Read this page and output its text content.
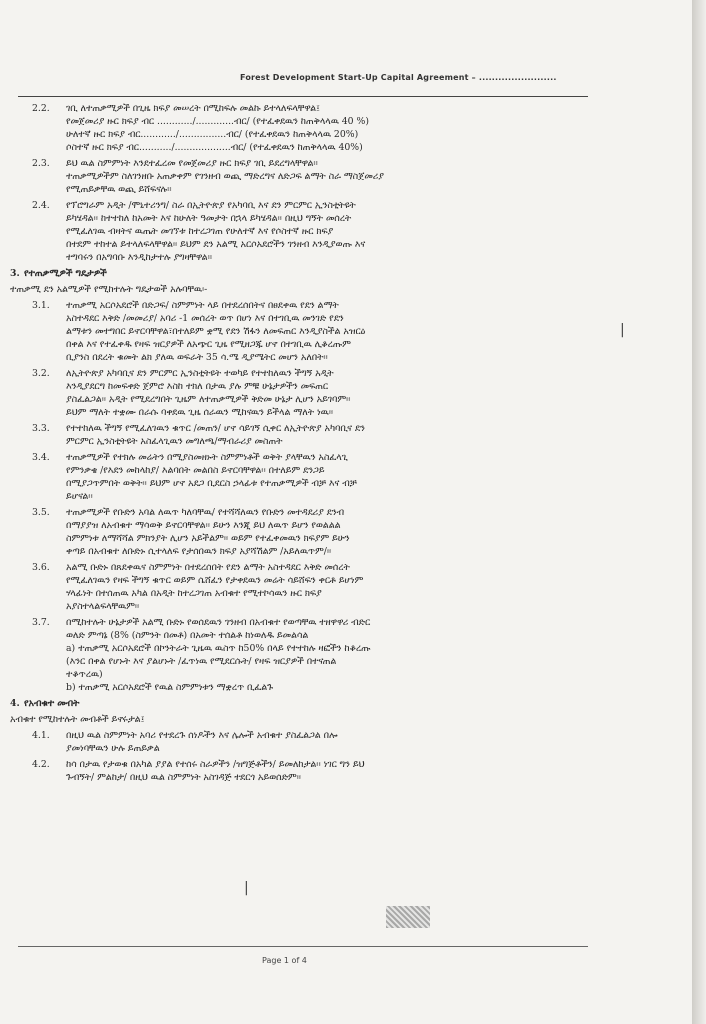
Forest Development Start-Up Capital Agreement – ........................
2.2.	ገቢ ለተጠቃሚዎች በጊዜ ክፍያ መሠረት በሚከፍሉ መልኩ ይተላለፍላቸዋል፤
የመጀመሪያ ዙር ክፍያ ብር ............/.............ብር/ (የተፈቀደዉን ከጠቅላላዉ 40 %)
ሁለተኛ ዙር ክፍያ ብር............/................ብር/ (የተፈቀደዉን ከጠቅላላዉ 20%)
ሶስተኛ ዙር ክፍያ ብር.........../...................ብር/ (የተፈቀደዉን ከጠቅላላዉ 40%)
2.3.	ይህ ዉል ስምምነት እንደተፈረመ የመጀመሪያ ዙር ክፍያ ገቢ ይደረግላቸዋል።
ተጠቃሚዎችም ስለገንዘቡ አጠቃቀም የገንዘብ ወጪ ማድረግና ለድጋፍ ልማት ስራ ማስጀመሪያ
የሚጠይቃቸዉ ወጪ ይሸፍናሉ።
2.4.	የፕሮግራም አዲት /ሞኒተሪንግ/ ስራ በኢትዮጵያ የአካባቢ እና ደን ምርምር ኢንስቲትዩት
ይካሄዳል፡፡ ከተተከለ ከአመት እና ከሁለት ዓመታት በኋላ ይካሄዳል፡፡ በዚህ ግኝት መሰረት
የሚፈለገዉ ብዛትና ዉጤት መገኘቱ ከተረጋገጠ የሁለተኛ እና የሶስተኛ ዙር ክፍያ
በተደም ተከተል ይተላለፍላቸዋል፡፡ ይህም ደን አልሚ አርሶአደሮችን ገንዘብ እንዲያወጡ እና
ተግባሩን በአግባቡ እንዲከታተሉ ያግዛቸዋል።
3. የተጠቃሚዎች ግዴታዎች
ተጠቃሚ ደን አልሚዎች የሚከተሉት ግዴታወች አሉባቸዉ፡-
3.1.	ተጠቃሚ አርሶአደሮች በድጋፍ/ ስምምነት ላይ በተደረሰበትና በፀደቀዉ የደን ልማት
አስተዳደር እቅድ /መመሪያ/ አባሪ -1 መሰረት ወጥ በሆነ እና በተገቢዉ መንገድ የደን
ልማቱን መተግበር ይኖርባቸዋል፣በተለይም ቋሚ የደን ሽፋን ለመፍጠር እንዲያስችል አዝርዕ
በቀል እና የተፈቀዱ የዛፍ ዝርያዎች ለአጭር ጊዜ የሚዘጋጁ ሆኖ በተገቢዉ ሊቆረጡም
ቢያንስ በደረት ቁመት ልክ ያለዉ ወፍራት 35 ሳ.ሜ ዲያሜትር መሆን አለበት፡፡
3.2.	ለኢትዮጵያ አካባቢና ደን ምርምር ኢንስቲትዩት ተወካይ የተተከለዉን ችግኝ አዲት
እንዲያደርግ ከመፍቀድ ጀምሮ እስከ ተክለ በታዉ ያሉ ምቹ ሁኔታዎችን መፍጠር
ያስፈልጋል፡፡ አዲት የሚደረግበት ጊዜም ለተጠቃሚዎች ቅድመ ሁኔታ ሊሆን አይገባም፡፡
ይህም ማለት ተቋሙ በራሱ ባቀደዉ ጊዜ ሰራዉን ሚከናዉን ይችላል ማለት ነዉ፡፡
3.3.	የተተከለዉ ችግኝ የሚፈለገዉን ቁጥር /መጠን/ ሆኖ ሳይገኝ ሲቀር ለኢትዮጵያ አካባቢና ደን
ምርምር ኢንስቲትዩት አስፈላጊዉን መግለጫ/ማብራሪያ መስጠት
3.4.	ተጠቃሚዎች የተክሉ መሬትን በሚያስመዘኑት ስምምነቶች ወቅት ያላቸዉን አስፈላጊ
የምንቃቄ /የእደን መከላከያ/ እልባበት መልበስ ይኖርባቸዋል፡፡ በተለይም ደንጋይ
በሚያጋጥምበት ወቅት፡፡ ይህም ሆኖ አደጋ ቢደርስ ኃላፊቱ የተጠቃሚዎች ብቻ እና ብቻ
ይሆናል፡፡
3.5.	ተጠቃሚዎች የቡድን አባል ለዉጥ ካለባቸዉ/ የተሻሻለዉን የቡድን መተዳደሪያ ደንብ
በማያያዝ ለአብቁተ ማሳወቅ ይኖርባቸዋል፡፡ ይሁን እንጂ ይህ ለዉጥ ይሆን የወልልል
ስምምነቱ ለማሻሻል ምክንያት ሊሆን አይችልም፡፡ ወይም የተፈቀመዉን ክፍያም ይሁን
ቀጣይ በአብቁተ ለቡድኑ ሲተላለፍ የታሰበዉን ክፍያ አያሻሽልም /አይለዉጥም/፡፡
3.6.	አልሚ ቡድኑ በጸደቀዉና ስምምነት በተደረሰበት የደን ልማት አስተዳደር እቅድ መሰረት
የሚፈለገዉን የዛፍ ችግኝ ቁጥር ወይም ሴሸፈን የታቀደዉን መሬት ሳይሸፍን ቀርቶ ይሆነም
ሃላፊነት በተሰጠዉ አካል በአዲት ከተረጋገጠ አብቁተ የሚተኮሳዉን ዙር ክፍያ
አያስተላልፍላቸዉም፡፡
3.7.	በሚከተሉት ሁኔታዎች አልሚ ቡድኑ የወሰደዉን ገንዘብ በአብቁተ የወጣቸዉ ተዘዋዋሪ ብድር
ወለድ ምጣኔ (8% (ስምንት በመቶ) በአመት ተሰልቶ ከነወለዱ ይመልሳል
a) ተጠቃሚ አርሶአደሮች በኮንትራት ጊዜዉ ዉስጥ ከ50% በላይ የተተከሉ ዛፎችን ከቆረጡ
(እንር በቀል የሆኑት እና ያልሆኑት /ፈጥነዉ የሚደርሱት/ የዛፍ ዝርያዎች በተናጠል
ተቆጥረዉ)
b) ተጠቃሚ አርሶአደሮች የዉል ስምምነቱን ማቋረጥ ቢፈልጉ
4. የአብቁተ መብት
አብቁተ የሚከተሉት መብቶች ይኖሩታል፤
4.1.	በዚህ ዉል ስምምነት አባሪ የተደረጉ ሰነዶችን እና ሌሎች አብቁተ ያስፈልጋል በሎ
ያመነባቸዉን ሁሉ ይጠይቃል
4.2.	ከሳ በታዉ የታወቁ በአካል ያያል የተሰሩ ስራዎችን /ዝግጅቶችን/ ይመለከታል፡፡ ነገር ግን ይህ
ጉብኝት/ ምልከታ/ በዚህ ዉል ስምምነት አስገዳጅ ተደርጎ አይወሰድም፡፡
|
|
Page 1 of 4
